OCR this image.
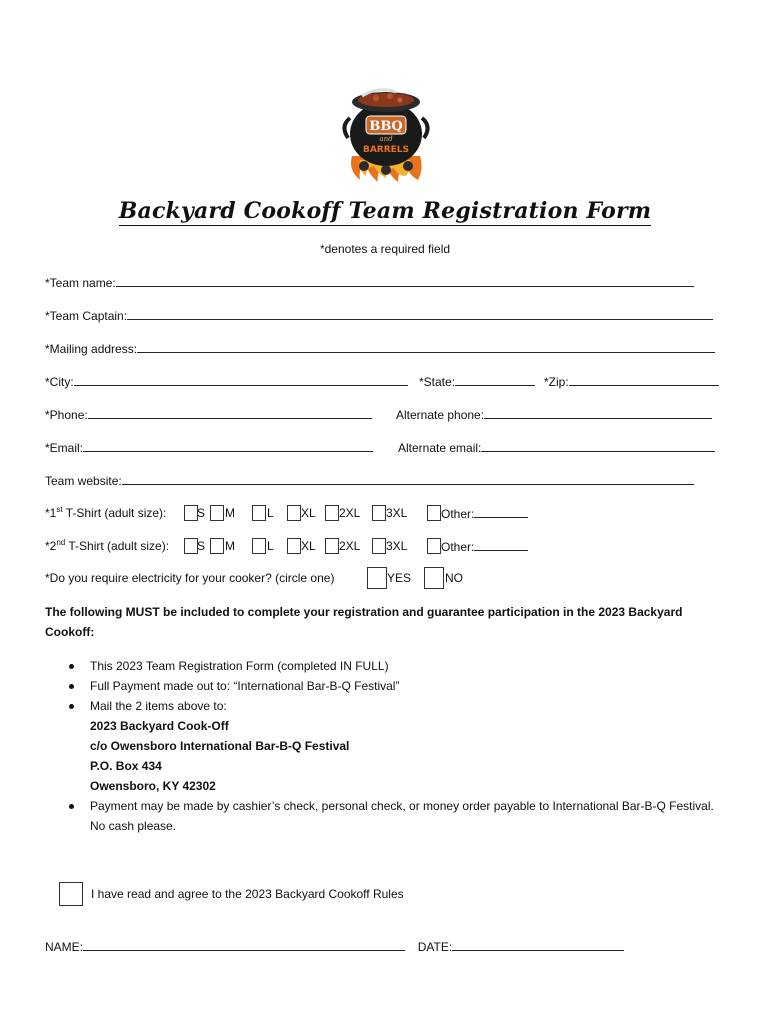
BBQ
and
BARRELS
Backyard Cookoff Team Registration Form
*denotes a required field
*Team name:
*Team Captain:
*Mailing address:
*City:	*State:	*Zip:
*Phone:	Alternate phone:
*Email:	Alternate email:
Team website:
*1st T-Shirt (adult size):	S M	L XL 2XL 3XL	Other:
*2nd T-Shirt (adult size): S M	L XL 2XL 3XL	Other:
*Do you require electricity for your cooker? (circle one)	YES	NO
The following MUST be included to complete your registration and guarantee participation in the 2023 Backyard Cookoff:
This 2023 Team Registration Form (completed IN FULL)
Full Payment made out to: “International Bar-B-Q Festival”
Mail the 2 items above to:
2023 Backyard Cook-Off
c/o Owensboro International Bar-B-Q Festival
P.O. Box 434
Owensboro, KY 42302
Payment may be made by cashier’s check, personal check, or money order payable to International Bar-B-Q Festival. No cash please.
I have read and agree to the 2023 Backyard Cookoff Rules
NAME:	DATE:
